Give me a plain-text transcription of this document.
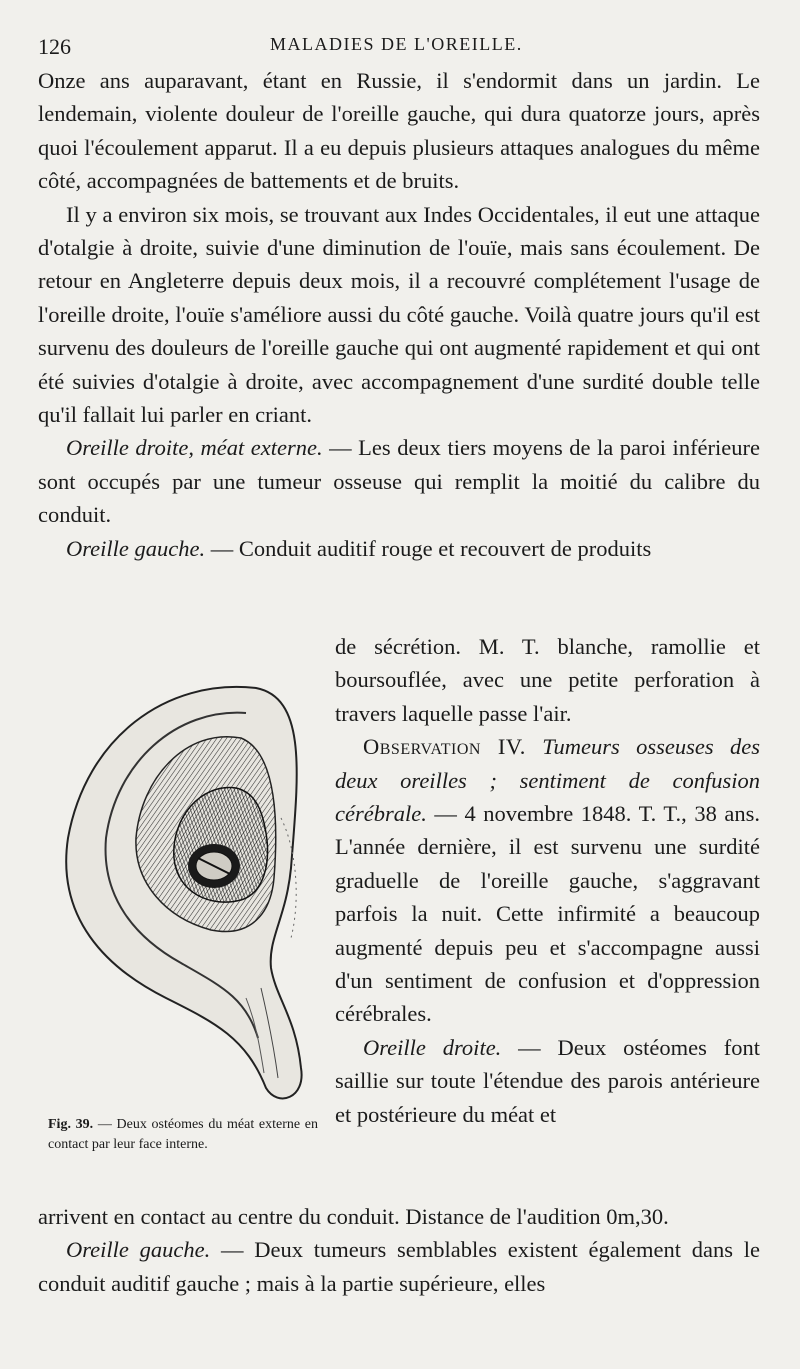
126	MALADIES DE L'OREILLE.

Onze ans auparavant, étant en Russie, il s'endormit dans un jardin. Le lendemain, violente douleur de l'oreille gauche, qui dura quatorze jours, après quoi l'écoulement apparut. Il a eu depuis plusieurs attaques analogues du même côté, accompagnées de battements et de bruits.

Il y a environ six mois, se trouvant aux Indes Occidentales, il eut une attaque d'otalgie à droite, suivie d'une diminution de l'ouïe, mais sans écoulement. De retour en Angleterre depuis deux mois, il a recouvré complétement l'usage de l'oreille droite, l'ouïe s'améliore aussi du côté gauche. Voilà quatre jours qu'il est survenu des douleurs de l'oreille gauche qui ont augmenté rapidement et qui ont été suivies d'otalgie à droite, avec accompagnement d'une surdité double telle qu'il fallait lui parler en criant.

Oreille droite, méat externe. — Les deux tiers moyens de la paroi inférieure sont occupés par une tumeur osseuse qui remplit la moitié du calibre du conduit.

Oreille gauche. — Conduit auditif rouge et recouvert de produits

de sécrétion. M. T. blanche, ramollie et boursouflée, avec une petite perforation à travers laquelle passe l'air.

Observation IV. Tumeurs osseuses des deux oreilles ; sentiment de confusion cérébrale. — 4 novembre 1848. T. T., 38 ans. L'année dernière, il est survenu une surdité graduelle de l'oreille gauche, s'aggravant parfois la nuit. Cette infirmité a beaucoup augmenté depuis peu et s'accompagne aussi d'un sentiment de confusion et d'oppression cérébrales.

Oreille droite. — Deux ostéomes font saillie sur toute l'étendue des parois antérieure et postérieure du méat et

Fig. 39. — Deux ostéomes du méat externe en contact par leur face interne.

arrivent en contact au centre du conduit. Distance de l'audition 0m,30.

Oreille gauche. — Deux tumeurs semblables existent également dans le conduit auditif gauche ; mais à la partie supérieure, elles
